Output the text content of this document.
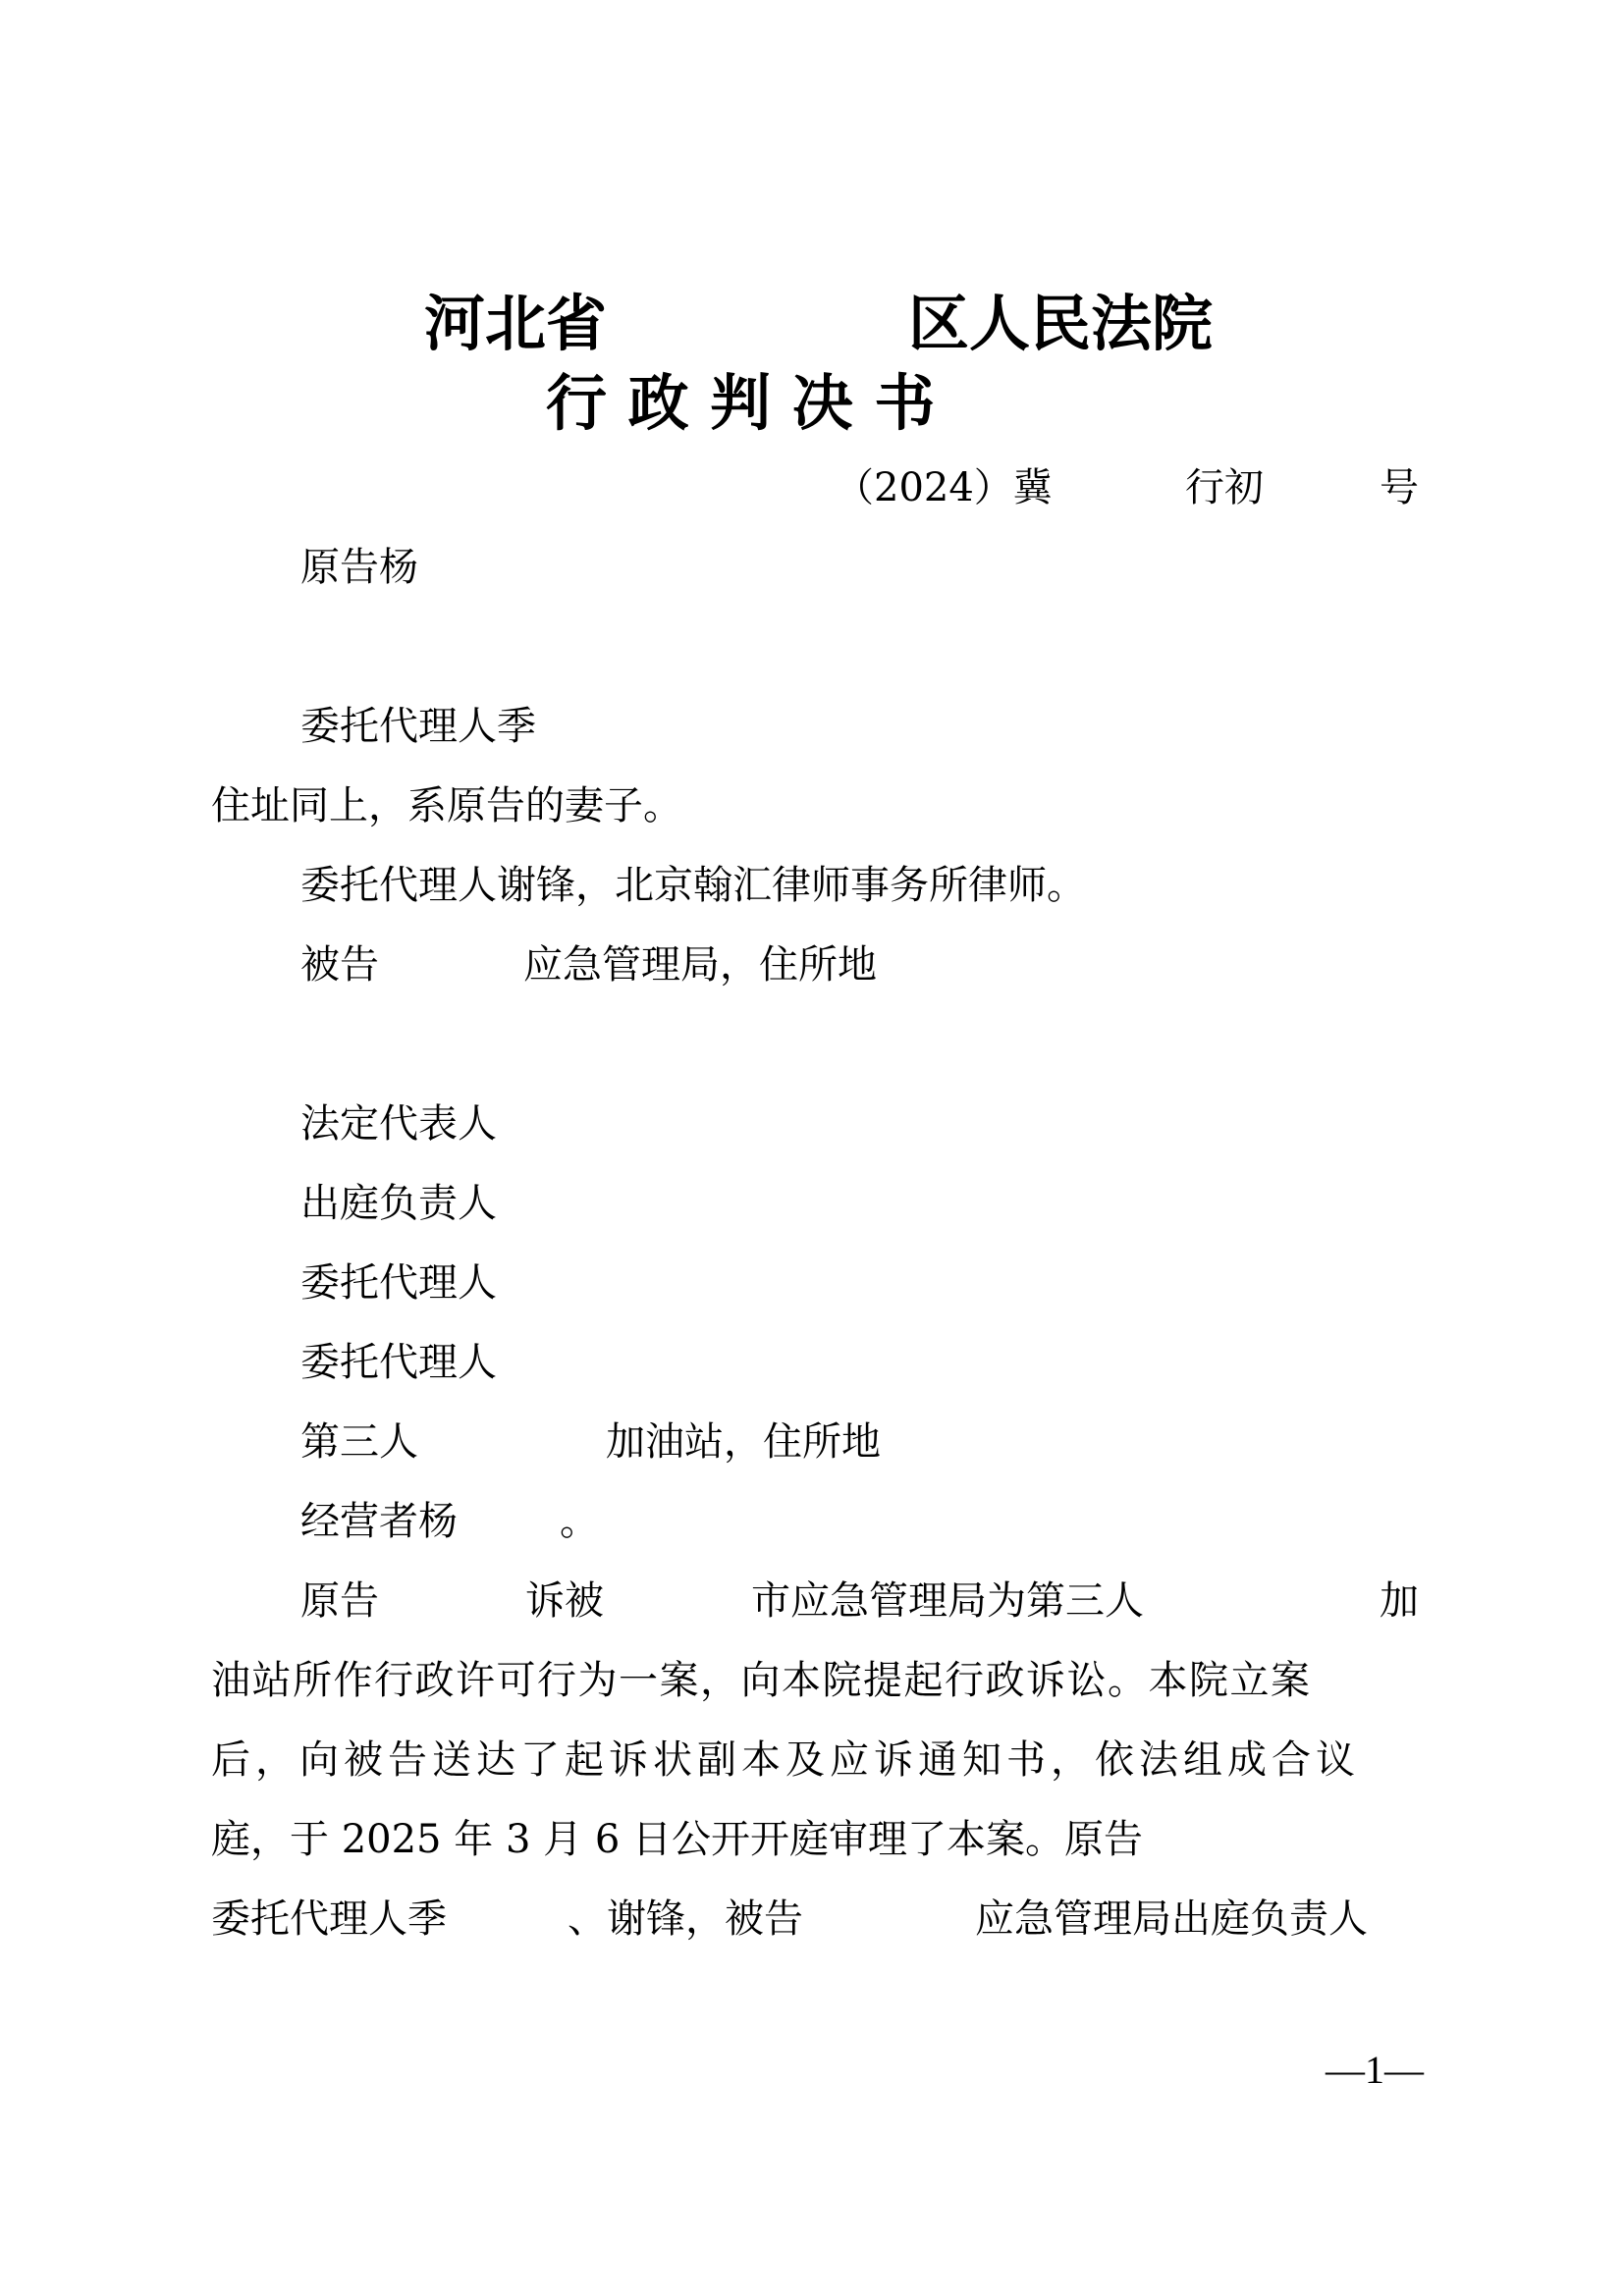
河北省	区人民法院
行 政 判 决 书
（2024）冀	行初	号
原告杨
委托代理人季
住址同上，系原告的妻子。
委托代理人谢锋，北京翰汇律师事务所律师。
被告	应急管理局，住所地
法定代表人
出庭负责人
委托代理人
委托代理人
第三人	加油站，住所地
经营者杨	。
原告	诉被	市应急管理局为第三人	加
油站所作行政许可行为一案，向本院提起行政诉讼。本院立案
后，向被告送达了起诉状副本及应诉通知书，依法组成合议
庭，于 2025 年 3 月 6 日公开开庭审理了本案。原告
委托代理人季	、谢锋，被告	应急管理局出庭负责人
—1—
